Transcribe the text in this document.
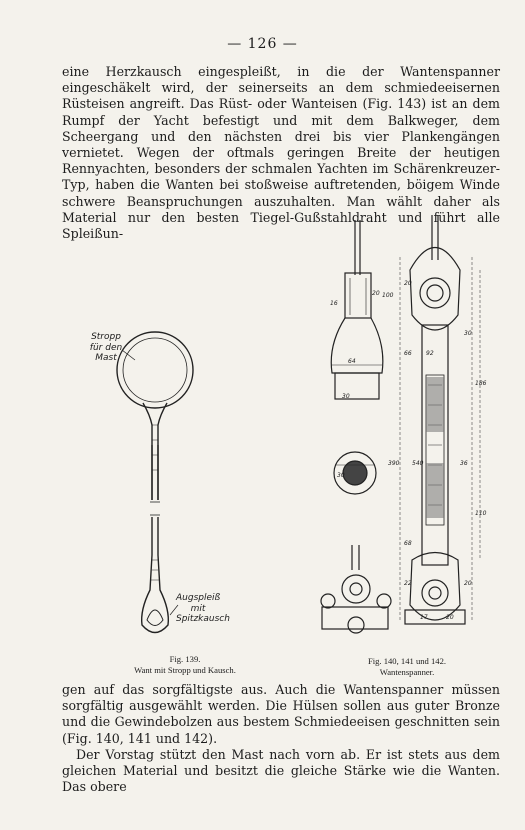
— 126 —

eine Herzkausch eingespleißt, in die der Wantenspanner eingeschäkelt wird, der seinerseits an dem schmiedeeisernen Rüsteisen angreift. Das Rüst- oder Wanteisen (Fig. 143) ist an dem Rumpf der Yacht befestigt und mit dem Balkweger, dem Scheergang und den nächsten drei bis vier Plankengängen vernietet. Wegen der oftmals geringen Breite der heutigen Rennyachten, besonders der schmalen Yachten im Schärenkreuzer-Typ, haben die Wanten bei stoßweise auftretenden, böigem Winde schwere Beanspruchungen auszuhalten. Man wählt daher als Material nur den besten Tiegel-Gußstahldraht und führt alle Spleißun-

16
30
20 100
64
30
20
66 92
186
390 540	36
30
68
110
17	20
22	20
Stropp für den Mast
Augspleiß mit Spitzkausch
Fig. 139.
Want mit Stropp und Kausch.
Fig. 140, 141 und 142.
Wantenspanner.

gen auf das sorgfältigste aus. Auch die Wantenspanner müssen sorgfältig ausgewählt werden. Die Hülsen sollen aus guter Bronze und die Gewindebolzen aus bestem Schmiedeeisen geschnitten sein (Fig. 140, 141 und 142).

Der Vorstag stützt den Mast nach vorn ab. Er ist stets aus dem gleichen Material und besitzt die gleiche Stärke wie die Wanten. Das obere
